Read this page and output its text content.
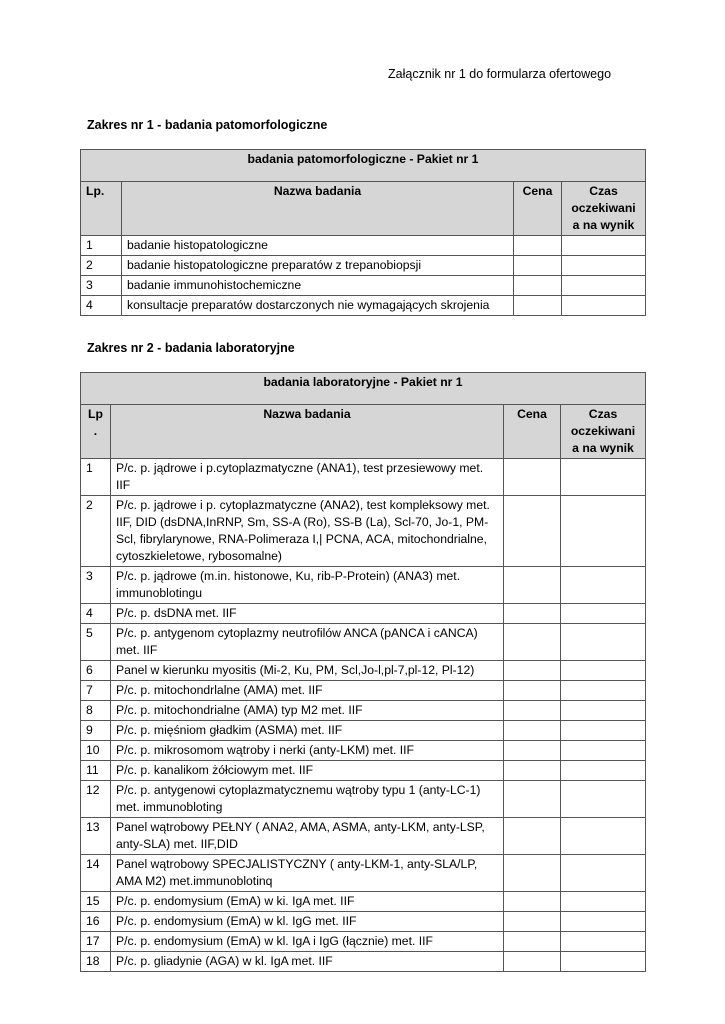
Załącznik nr 1 do formularza ofertowego
Zakres nr 1 - badania patomorfologiczne
badania patomorfologiczne - Pakiet nr 1			
Lp.	Nazwa badania	Cena	Czas oczekiwani a na wynik
1	badanie histopatologiczne		
2	badanie histopatologiczne preparatów z trepanobiopsji		
3	badanie immunohistochemiczne		
4	konsultacje preparatów dostarczonych nie wymagających skrojenia		
Zakres nr 2 - badania laboratoryjne
badania laboratoryjne - Pakiet nr 1			
Lp .	Nazwa badania	Cena	Czas oczekiwani a na wynik
1	P/c. p. jądrowe i p.cytoplazmatyczne (ANA1), test przesiewowy met. IIF		
2	P/c. p. jądrowe i p. cytoplazmatyczne (ANA2), test kompleksowy met. IIF, DID (dsDNA,InRNP, Sm, SS-A (Ro), SS-B (La), Scl-70, Jo-1, PM-Scl, fibrylarynowe, RNA-Polimeraza I,| PCNA, ACA, mitochondrialne, cytoszkieletowe, rybosomalne)		
3	P/c. p. jądrowe (m.in. histonowe, Ku, rib-P-Protein) (ANA3) met. immunoblotingu		
4	P/c. p. dsDNA met. IIF		
5	P/c. p. antygenom cytoplazmy neutrofilów ANCA (pANCA i cANCA) met. IIF		
6	Panel w kierunku myositis (Mi-2, Ku, PM, Scl,Jo-l,pl-7,pl-12, Pl-12)		
7	P/c. p. mitochondrlalne (AMA) met. IIF		
8	P/c. p. mitochondrialne (AMA) typ M2 met. IIF		
9	P/c. p. mięśniom gładkim (ASMA) met. IIF		
10	P/c. p. mikrosomom wątroby i nerki (anty-LKM) met. IIF		
11	P/c. p. kanalikom żółciowym met. IIF		
12	P/c. p. antygenowi cytoplazmatycznemu wątroby typu 1 (anty-LC-1) met. immunobloting		
13	Panel wątrobowy PEŁNY ( ANA2, AMA, ASMA, anty-LKM, anty-LSP, anty-SLA) met. IIF,DID		
14	Panel wątrobowy SPECJALISTYCZNY ( anty-LKM-1, anty-SLA/LP, AMA M2) met.immunoblotinq		
15	P/c. p. endomysium (EmA) w ki. IgA met. IIF		
16	P/c. p. endomysium (EmA) w kl. IgG met. IIF		
17	P/c. p. endomysium (EmA) w kl. IgA i IgG (łącznie) met. IIF		
18	P/c. p. gliadynie (AGA) w kl. IgA met. IIF		
